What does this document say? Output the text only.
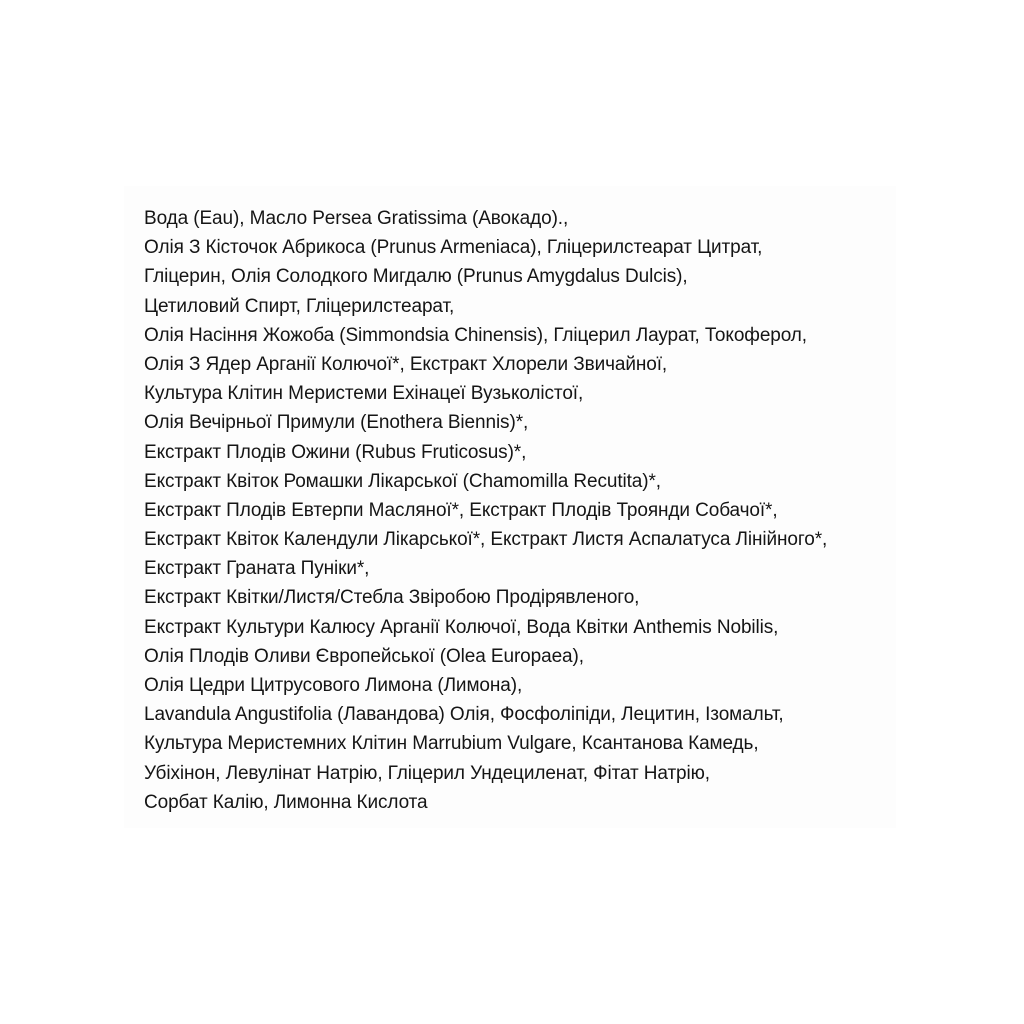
Вода (Eau), Масло Persea Gratissima (Авокадо).,
Олія З Кісточок Абрикоса (Prunus Armeniaca), Гліцерилстеарат Цитрат,
Гліцерин, Олія Солодкого Мигдалю (Prunus Amygdalus Dulcis),
Цетиловий Спирт, Гліцерилстеарат,
Олія Насіння Жожоба (Simmondsia Chinensis), Гліцерил Лаурат, Токоферол,
Олія З Ядер Арганії Колючої*, Екстракт Хлорели Звичайної,
Культура Клітин Меристеми Ехінацеї Вузьколістої,
Олія Вечірньої Примули (Enothera Biennis)*,
Екстракт Плодів Ожини (Rubus Fruticosus)*,
Екстракт Квіток Ромашки Лікарської (Chamomilla Recutita)*,
Екстракт Плодів Евтерпи Масляної*, Екстракт Плодів Троянди Собачої*,
Екстракт Квіток Календули Лікарської*, Екстракт Листя Аспалатуса Лінійного*,
Екстракт Граната Пуніки*,
Екстракт Квітки/Листя/Стебла Звіробою Продірявленого,
Екстракт Культури Калюсу Арганії Колючої, Вода Квітки Anthemis Nobilis,
Олія Плодів Оливи Європейської (Olea Europaea),
Олія Цедри Цитрусового Лимона (Лимона),
Lavandula Angustifolia (Лавандова) Олія, Фосфоліпіди, Лецитин, Ізомальт,
Культура Меристемних Клітин Marrubium Vulgare, Ксантанова Камедь,
Убіхінон, Левулінат Натрію, Гліцерил Ундециленат, Фітат Натрію,
Сорбат Калію, Лимонна Кислота
